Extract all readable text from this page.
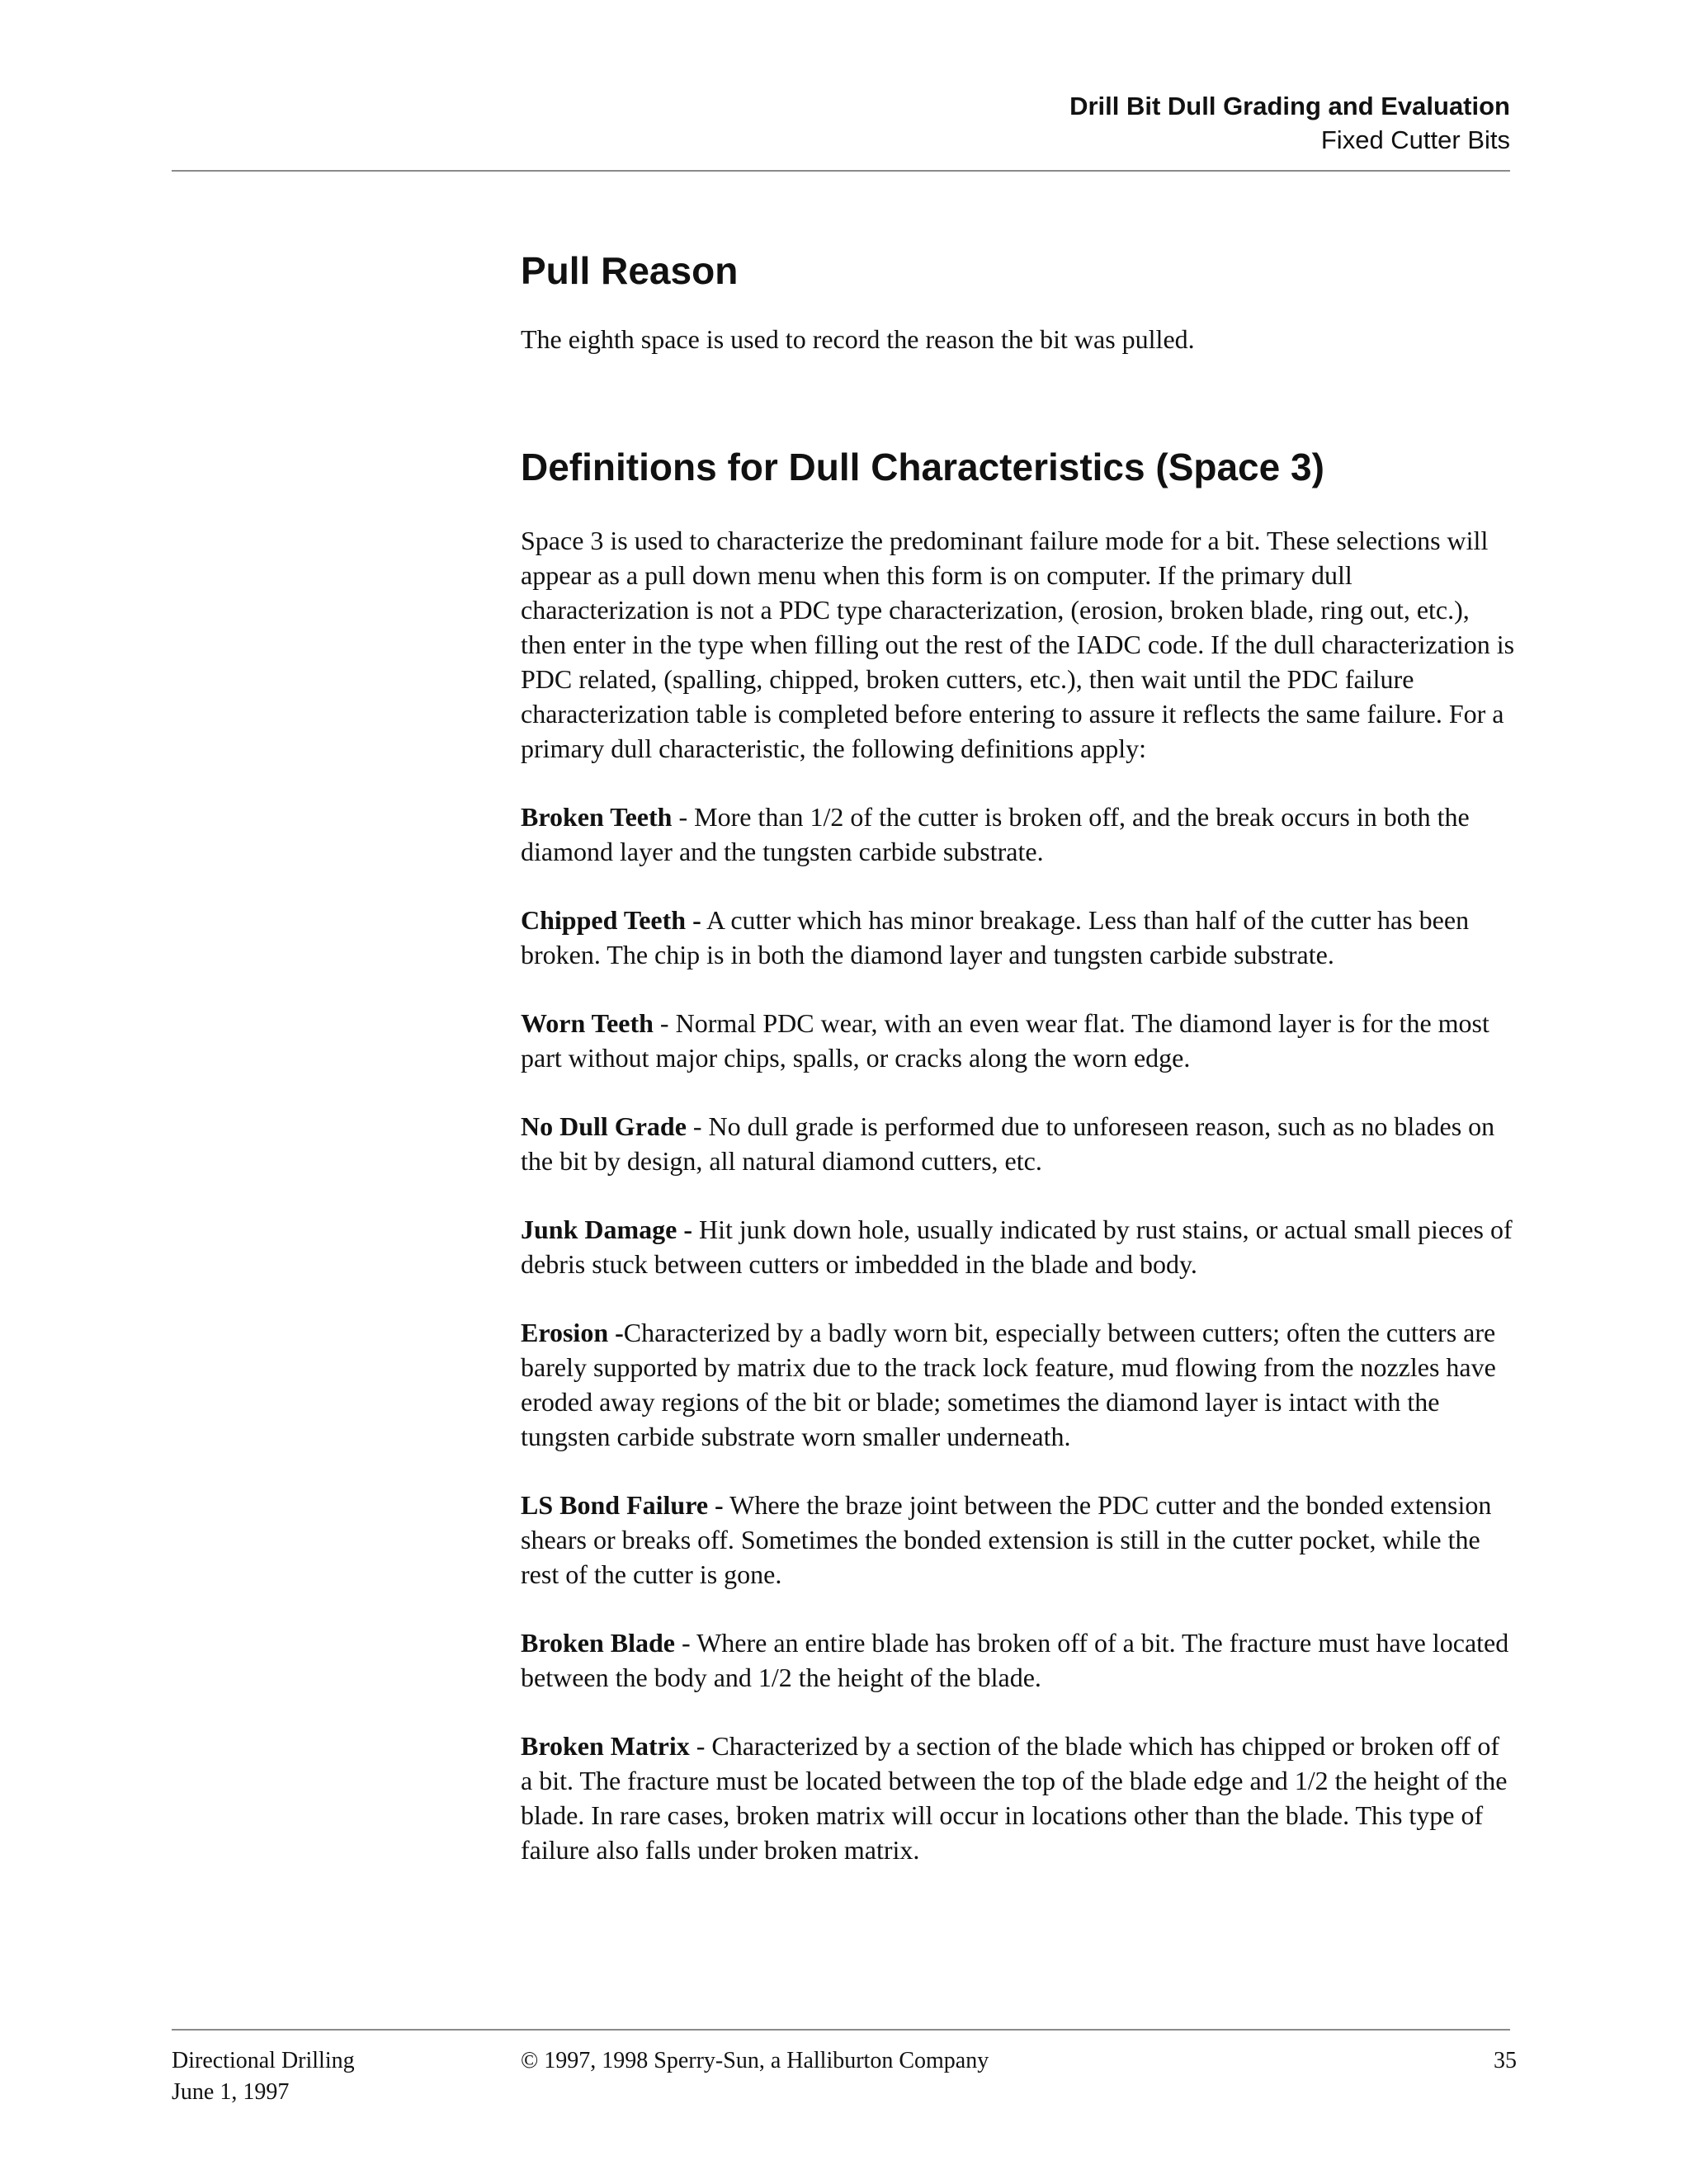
Drill Bit Dull Grading and Evaluation
Fixed Cutter Bits
Pull Reason

The eighth space is used to record the reason the bit was pulled.

Definitions for Dull Characteristics (Space 3)

Space 3 is used to characterize the predominant failure mode for a bit. These selections will appear as a pull down menu when this form is on computer. If the primary dull characterization is not a PDC type characterization, (erosion, broken blade, ring out, etc.), then enter in the type when filling out the rest of the IADC code. If the dull characterization is PDC related, (spalling, chipped, broken cutters, etc.), then wait until the PDC failure characterization table is completed before entering to assure it reflects the same failure. For a primary dull characteristic, the following definitions apply:

Broken Teeth - More than 1/2 of the cutter is broken off, and the break occurs in both the diamond layer and the tungsten carbide substrate.

Chipped Teeth - A cutter which has minor breakage. Less than half of the cutter has been broken. The chip is in both the diamond layer and tungsten carbide substrate.

Worn Teeth - Normal PDC wear, with an even wear flat. The diamond layer is for the most part without major chips, spalls, or cracks along the worn edge.

No Dull Grade - No dull grade is performed due to unforeseen reason, such as no blades on the bit by design, all natural diamond cutters, etc.

Junk Damage - Hit junk down hole, usually indicated by rust stains, or actual small pieces of debris stuck between cutters or imbedded in the blade and body.

Erosion -Characterized by a badly worn bit, especially between cutters; often the cutters are barely supported by matrix due to the track lock feature, mud flowing from the nozzles have eroded away regions of the bit or blade; sometimes the diamond layer is intact with the tungsten carbide substrate worn smaller underneath.

LS Bond Failure - Where the braze joint between the PDC cutter and the bonded extension shears or breaks off. Sometimes the bonded extension is still in the cutter pocket, while the rest of the cutter is gone.

Broken Blade - Where an entire blade has broken off of a bit. The fracture must have located between the body and 1/2 the height of the blade.

Broken Matrix - Characterized by a section of the blade which has chipped or broken off of a bit. The fracture must be located between the top of the blade edge and 1/2 the height of the blade. In rare cases, broken matrix will occur in locations other than the blade. This type of failure also falls under broken matrix.

Directional Drilling
June 1, 1997
© 1997, 1998 Sperry-Sun, a Halliburton Company	35
